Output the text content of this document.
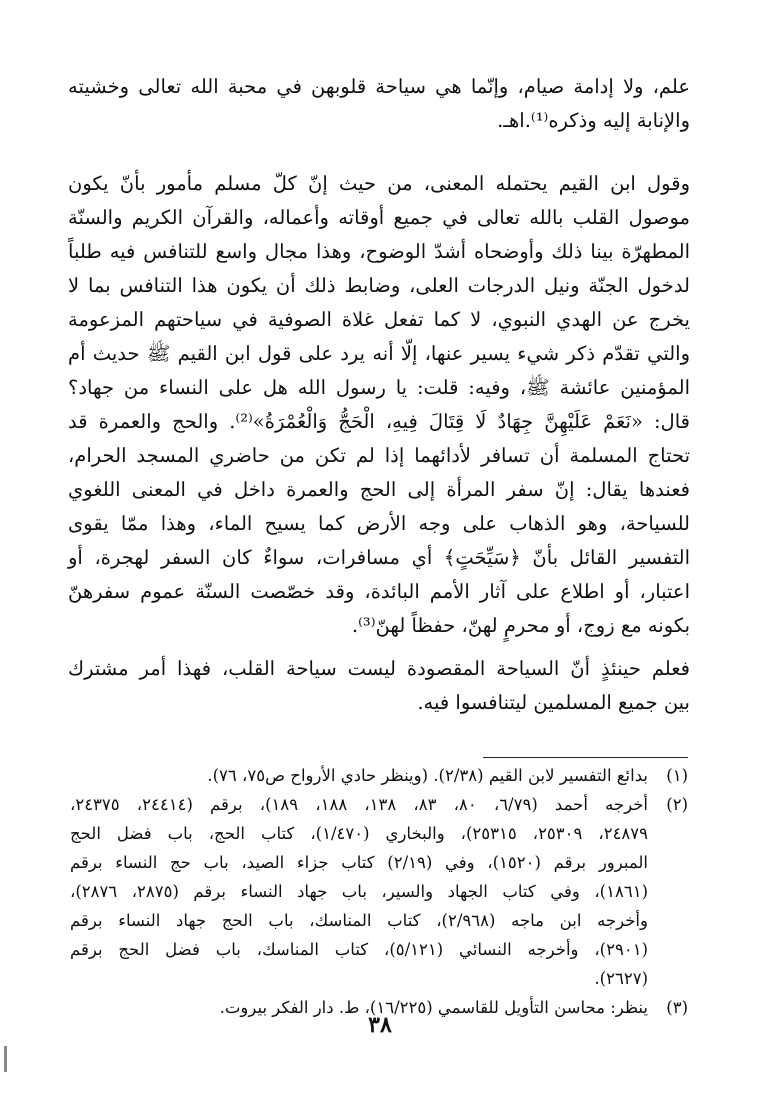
علم، ولا إدامة صيام، وإنّما هي سياحة قلوبهن في محبة الله تعالى وخشيته
والإنابة إليه وذكره⁽¹⁾.اهـ.
وقول ابن القيم يحتمله المعنى، من حيث إنّ كلّ مسلم مأمور بأنّ يكون
موصول القلب بالله تعالى في جميع أوقاته وأعماله، والقرآن الكريم والسنّة
المطهرّة بينا ذلك وأوضحاه أشدّ الوضوح، وهذا مجال واسع للتنافس فيه طلباً
لدخول الجنّة ونيل الدرجات العلى، وضابط ذلك أن يكون هذا التنافس بما لا
يخرج عن الهدي النبوي، لا كما تفعل غلاة الصوفية في سياحتهم المزعومة
والتي تقدّم ذكر شيء يسير عنها، إلّا أنه يرد على قول ابن القيم ﷺ حديث أم
المؤمنين عائشة ﷺ، وفيه: قلت: يا رسول الله هل على النساء من جهاد؟
قال: «نَعَمْ عَلَيْهِنَّ جِهَادٌ لَا قِتَالَ فِيهِ، الْحَجُّ وَالْعُمْرَةُ»⁽²⁾. والحج والعمرة قد
تحتاج المسلمة أن تسافر لأدائهما إذا لم تكن من حاضري المسجد الحرام،
فعندها يقال: إنّ سفر المرأة إلى الحج والعمرة داخل في المعنى اللغوي
للسياحة، وهو الذهاب على وجه الأرض كما يسيح الماء، وهذا ممّا يقوى
التفسير القائل بأنّ ﴿سَيِّحَتٍ﴾ أي مسافرات، سواءٌ كان السفر لهجرة، أو
اعتبار، أو اطلاع على آثار الأمم البائدة، وقد خصّصت السنّة عموم سفرهنّ
بكونه مع زوج، أو محرمٍ لهنّ، حفظاً لهنّ⁽³⁾.
فعلم حينئذٍ أنّ السياحة المقصودة ليست سياحة القلب، فهذا أمر مشترك
بين جميع المسلمين ليتنافسوا فيه.
(١)
بدائع التفسير لابن القيم (٢/٣٨). (وينظر حادي الأرواح ص٧٥، ٧٦).
(٢)
أخرجه أحمد (٦/٧٩، ٨٠، ٨٣، ١٣٨، ١٨٨، ١٨٩)، برقم (٢٤٤١٤، ٢٤٣٧٥،
٢٤٨٧٩، ٢٥٣٠٩، ٢٥٣١٥)، والبخاري (١/٤٧٠)، كتاب الحج، باب فضل الحج
المبرور برقم (١٥٢٠)، وفي (٢/١٩) كتاب جزاء الصيد، باب حج النساء برقم
(١٨٦١)، وفي كتاب الجهاد والسير، باب جهاد النساء برقم (٢٨٧٥، ٢٨٧٦)،
وأخرجه ابن ماجه (٢/٩٦٨)، كتاب المناسك، باب الحج جهاد النساء برقم
(٢٩٠١)، وأخرجه النسائي (٥/١٢١)، كتاب المناسك، باب فضل الحج برقم
(٢٦٢٧).
(٣)
ينظر: محاسن التأويل للقاسمي (١٦/٢٢٥)، ط. دار الفكر بيروت.
٣٨
